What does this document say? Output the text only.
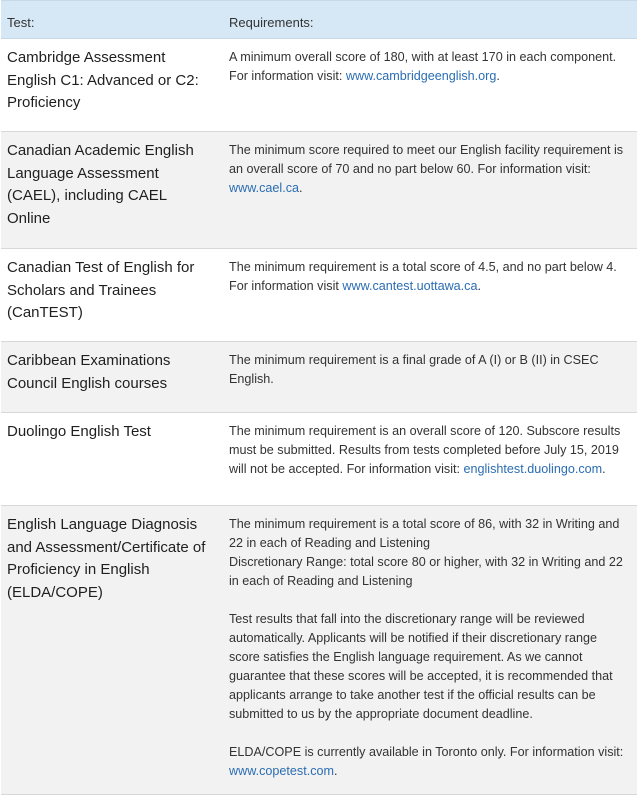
Test:	Requirements:
Cambridge Assessment English C1: Advanced or C2: Proficiency	A minimum overall score of 180, with at least 170 in each component. For information visit: www.cambridgeenglish.org.
Canadian Academic English Language Assessment (CAEL), including CAEL Online	The minimum score required to meet our English facility requirement is an overall score of 70 and no part below 60. For information visit: www.cael.ca.
Canadian Test of English for Scholars and Trainees (CanTEST)	The minimum requirement is a total score of 4.5, and no part below 4. For information visit www.cantest.uottawa.ca.
Caribbean Examinations Council English courses	The minimum requirement is a final grade of A (I) or B (II) in CSEC English.
Duolingo English Test	The minimum requirement is an overall score of 120. Subscore results must be submitted. Results from tests completed before July 15, 2019 will not be accepted. For information visit: englishtest.duolingo.com.
English Language Diagnosis and Assessment/Certificate of Proficiency in English (ELDA/COPE)	The minimum requirement is a total score of 86, with 32 in Writing and 22 in each of Reading and Listening

Discretionary Range: total score 80 or higher, with 32 in Writing and 22 in each of Reading and Listening

Test results that fall into the discretionary range will be reviewed automatically. Applicants will be notified if their discretionary range score satisfies the English language requirement. As we cannot guarantee that these scores will be accepted, it is recommended that applicants arrange to take another test if the official results can be submitted to us by the appropriate document deadline.

ELDA/COPE is currently available in Toronto only. For information visit: www.copetest.com.
